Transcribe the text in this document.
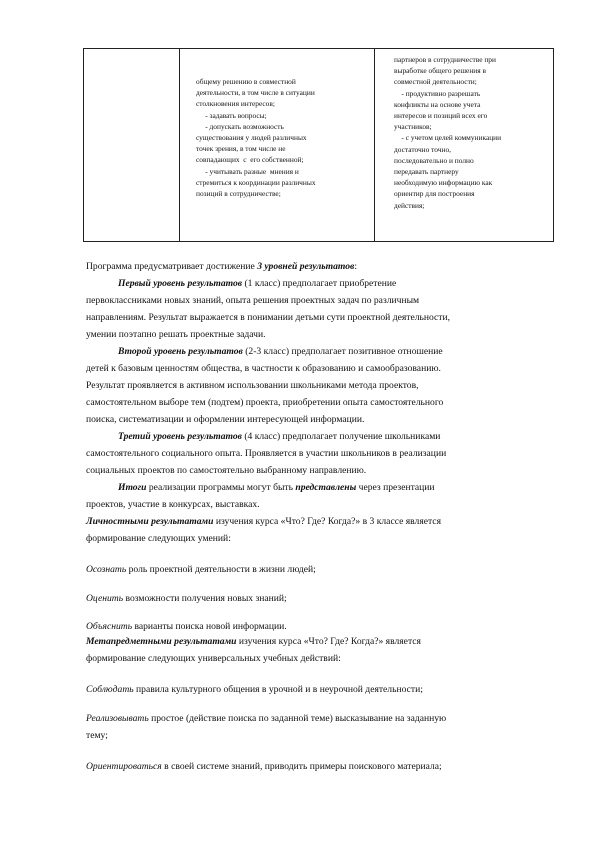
общему решению в совместной
деятельности, в том числе в ситуации
столкновения интересов;
- задавать вопросы;
- допускать возможность
существования у людей различных
точек зрения, в том числе не
совпадающих  с  его собственной;
- учитывать разные  мнения и
стремиться к координации различных
позиций в сотрудничестве;
партнеров в сотрудничестве при
выработке общего решения в
совместной деятельности;
- продуктивно разрешать
конфликты на основе учета
интересов и позиций всех его
участников;
- с учетом целей коммуникации
достаточно точно,
последовательно и полно
передавать партнеру
необходимую информацию как
ориентир для построения
действия;
Программа предусматривает достижение 3 уровней результатов:
Первый уровень результатов (1 класс) предполагает приобретение
первоклассниками новых знаний, опыта решения проектных задач по различным
направлениям. Результат выражается в понимании детьми сути проектной деятельности,
умении поэтапно решать проектные задачи.
Второй уровень результатов (2-3 класс) предполагает позитивное отношение
детей к базовым ценностям общества, в частности к образованию и самообразованию.
Результат проявляется в активном использовании школьниками метода проектов,
самостоятельном выборе тем (подтем) проекта, приобретении опыта самостоятельного
поиска, систематизации и оформлении интересующей информации.
Третий уровень результатов (4 класс) предполагает получение школьниками
самостоятельного социального опыта. Проявляется в участии школьников в реализации
социальных проектов по самостоятельно выбранному направлению.
Итоги реализации программы могут быть представлены через презентации
проектов, участие в конкурсах, выставках.
Личностными результатами изучения курса «Что? Где? Когда?» в 3 классе является
формирование следующих умений:
Осознать роль проектной деятельности в жизни людей;
Оценить возможности получения новых знаний;
Объяснить варианты поиска новой информации.
Метапредметными результатами изучения курса «Что? Где? Когда?» является
формирование следующих универсальных учебных действий:
Соблюдать правила культурного общения в урочной и в неурочной деятельности;
Реализовывать простое (действие поиска по заданной теме) высказывание на заданную
тему;
Ориентироваться в своей системе знаний, приводить примеры поискового материала;
